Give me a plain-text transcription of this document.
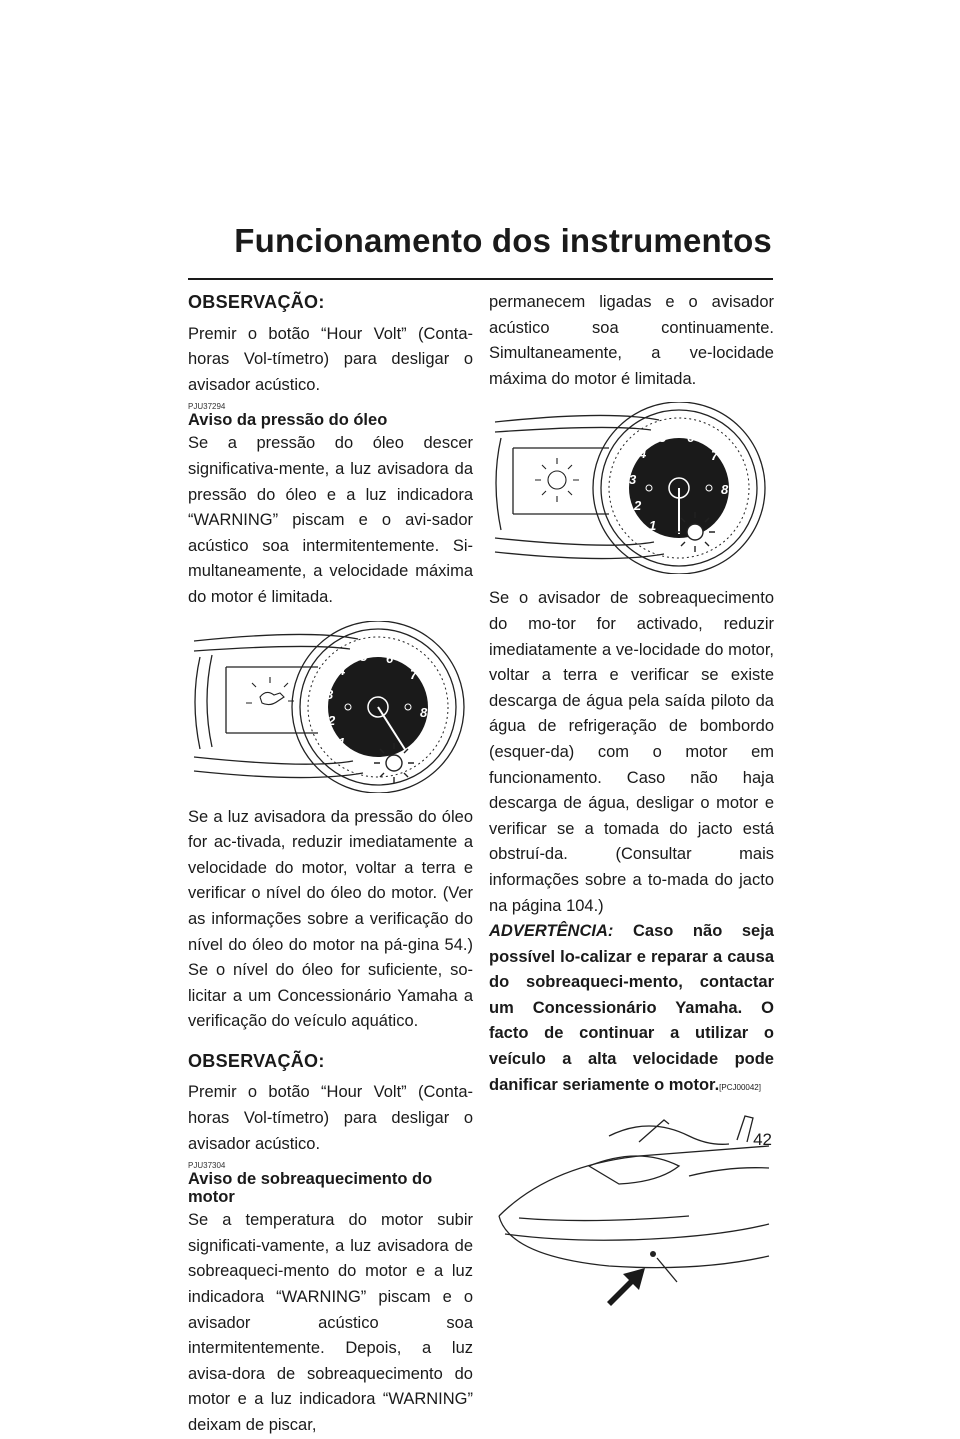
Funcionamento dos instrumentos

OBSERVAÇÃO:

Premir o botão “Hour Volt” (Conta-horas Vol-tímetro) para desligar o avisador acústico.

PJU37294

Aviso da pressão do óleo

Se a pressão do óleo descer significativa-mente, a luz avisadora da pressão do óleo e a luz indicadora “WARNING” piscam e o avi-sador acústico soa intermitentemente. Si-multaneamente, a velocidade máxima do motor é limitada.

1
2
3
4
5 6
7
8

Se a luz avisadora da pressão do óleo for ac-tivada, reduzir imediatamente a velocidade do motor, voltar a terra e verificar o nível do óleo do motor. (Ver as informações sobre a verificação do nível do óleo do motor na pá-gina 54.) Se o nível do óleo for suficiente, so-licitar a um Concessionário Yamaha a verificação do veículo aquático.

OBSERVAÇÃO:

Premir o botão “Hour Volt” (Conta-horas Vol-tímetro) para desligar o avisador acústico.

PJU37304

Aviso de sobreaquecimento do motor

Se a temperatura do motor subir significati-vamente, a luz avisadora de sobreaqueci-mento do motor e a luz indicadora “WARNING” piscam e o avisador acústico soa intermitentemente. Depois, a luz avisa-dora de sobreaquecimento do motor e a luz indicadora “WARNING” deixam de piscar,

permanecem ligadas e o avisador acústico soa continuamente. Simultaneamente, a ve-locidade máxima do motor é limitada.

1
2
3
4
5 6
7
8

Se o avisador de sobreaquecimento do mo-tor for activado, reduzir imediatamente a ve-locidade do motor, voltar a terra e verificar se existe descarga de água pela saída piloto da água de refrigeração de bombordo (esquer-da) com o motor em funcionamento. Caso não haja descarga de água, desligar o motor e verificar se a tomada do jacto está obstruí-da. (Consultar mais informações sobre a to-mada do jacto na página 104.)

ADVERTÊNCIA: Caso não seja possível lo-calizar e reparar a causa do sobreaqueci-mento, contactar um Concessionário Yamaha. O facto de continuar a utilizar o veículo a alta velocidade pode danificar seriamente o motor.[PCJ00042]

42
